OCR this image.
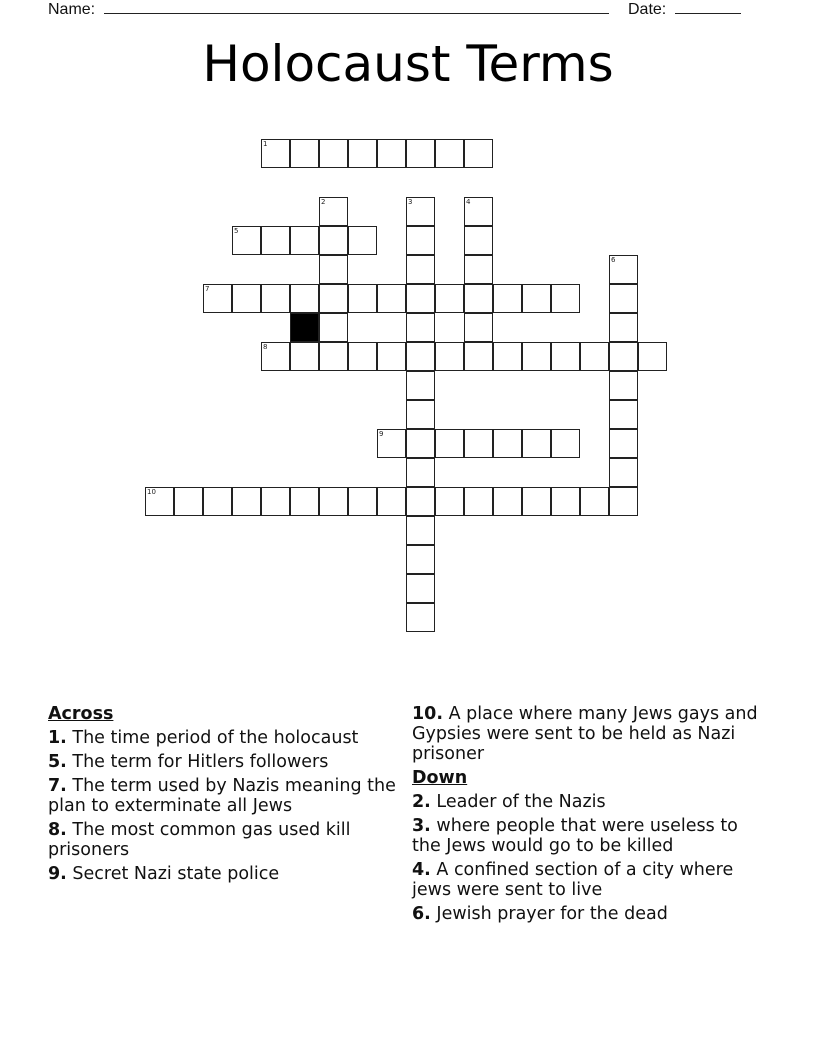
Name:	Date:
Holocaust Terms
1
2	3	4
5
6
7
8
9
10
Across
1. The time period of the holocaust
5. The term for Hitlers followers
7. The term used by Nazis meaning the plan to exterminate all Jews
8. The most common gas used kill prisoners
9. Secret Nazi state police
10. A place where many Jews gays and Gypsies were sent to be held as Nazi prisoner
Down
2. Leader of the Nazis
3. where people that were useless to the Jews would go to be killed
4. A confined section of a city where jews were sent to live
6. Jewish prayer for the dead
